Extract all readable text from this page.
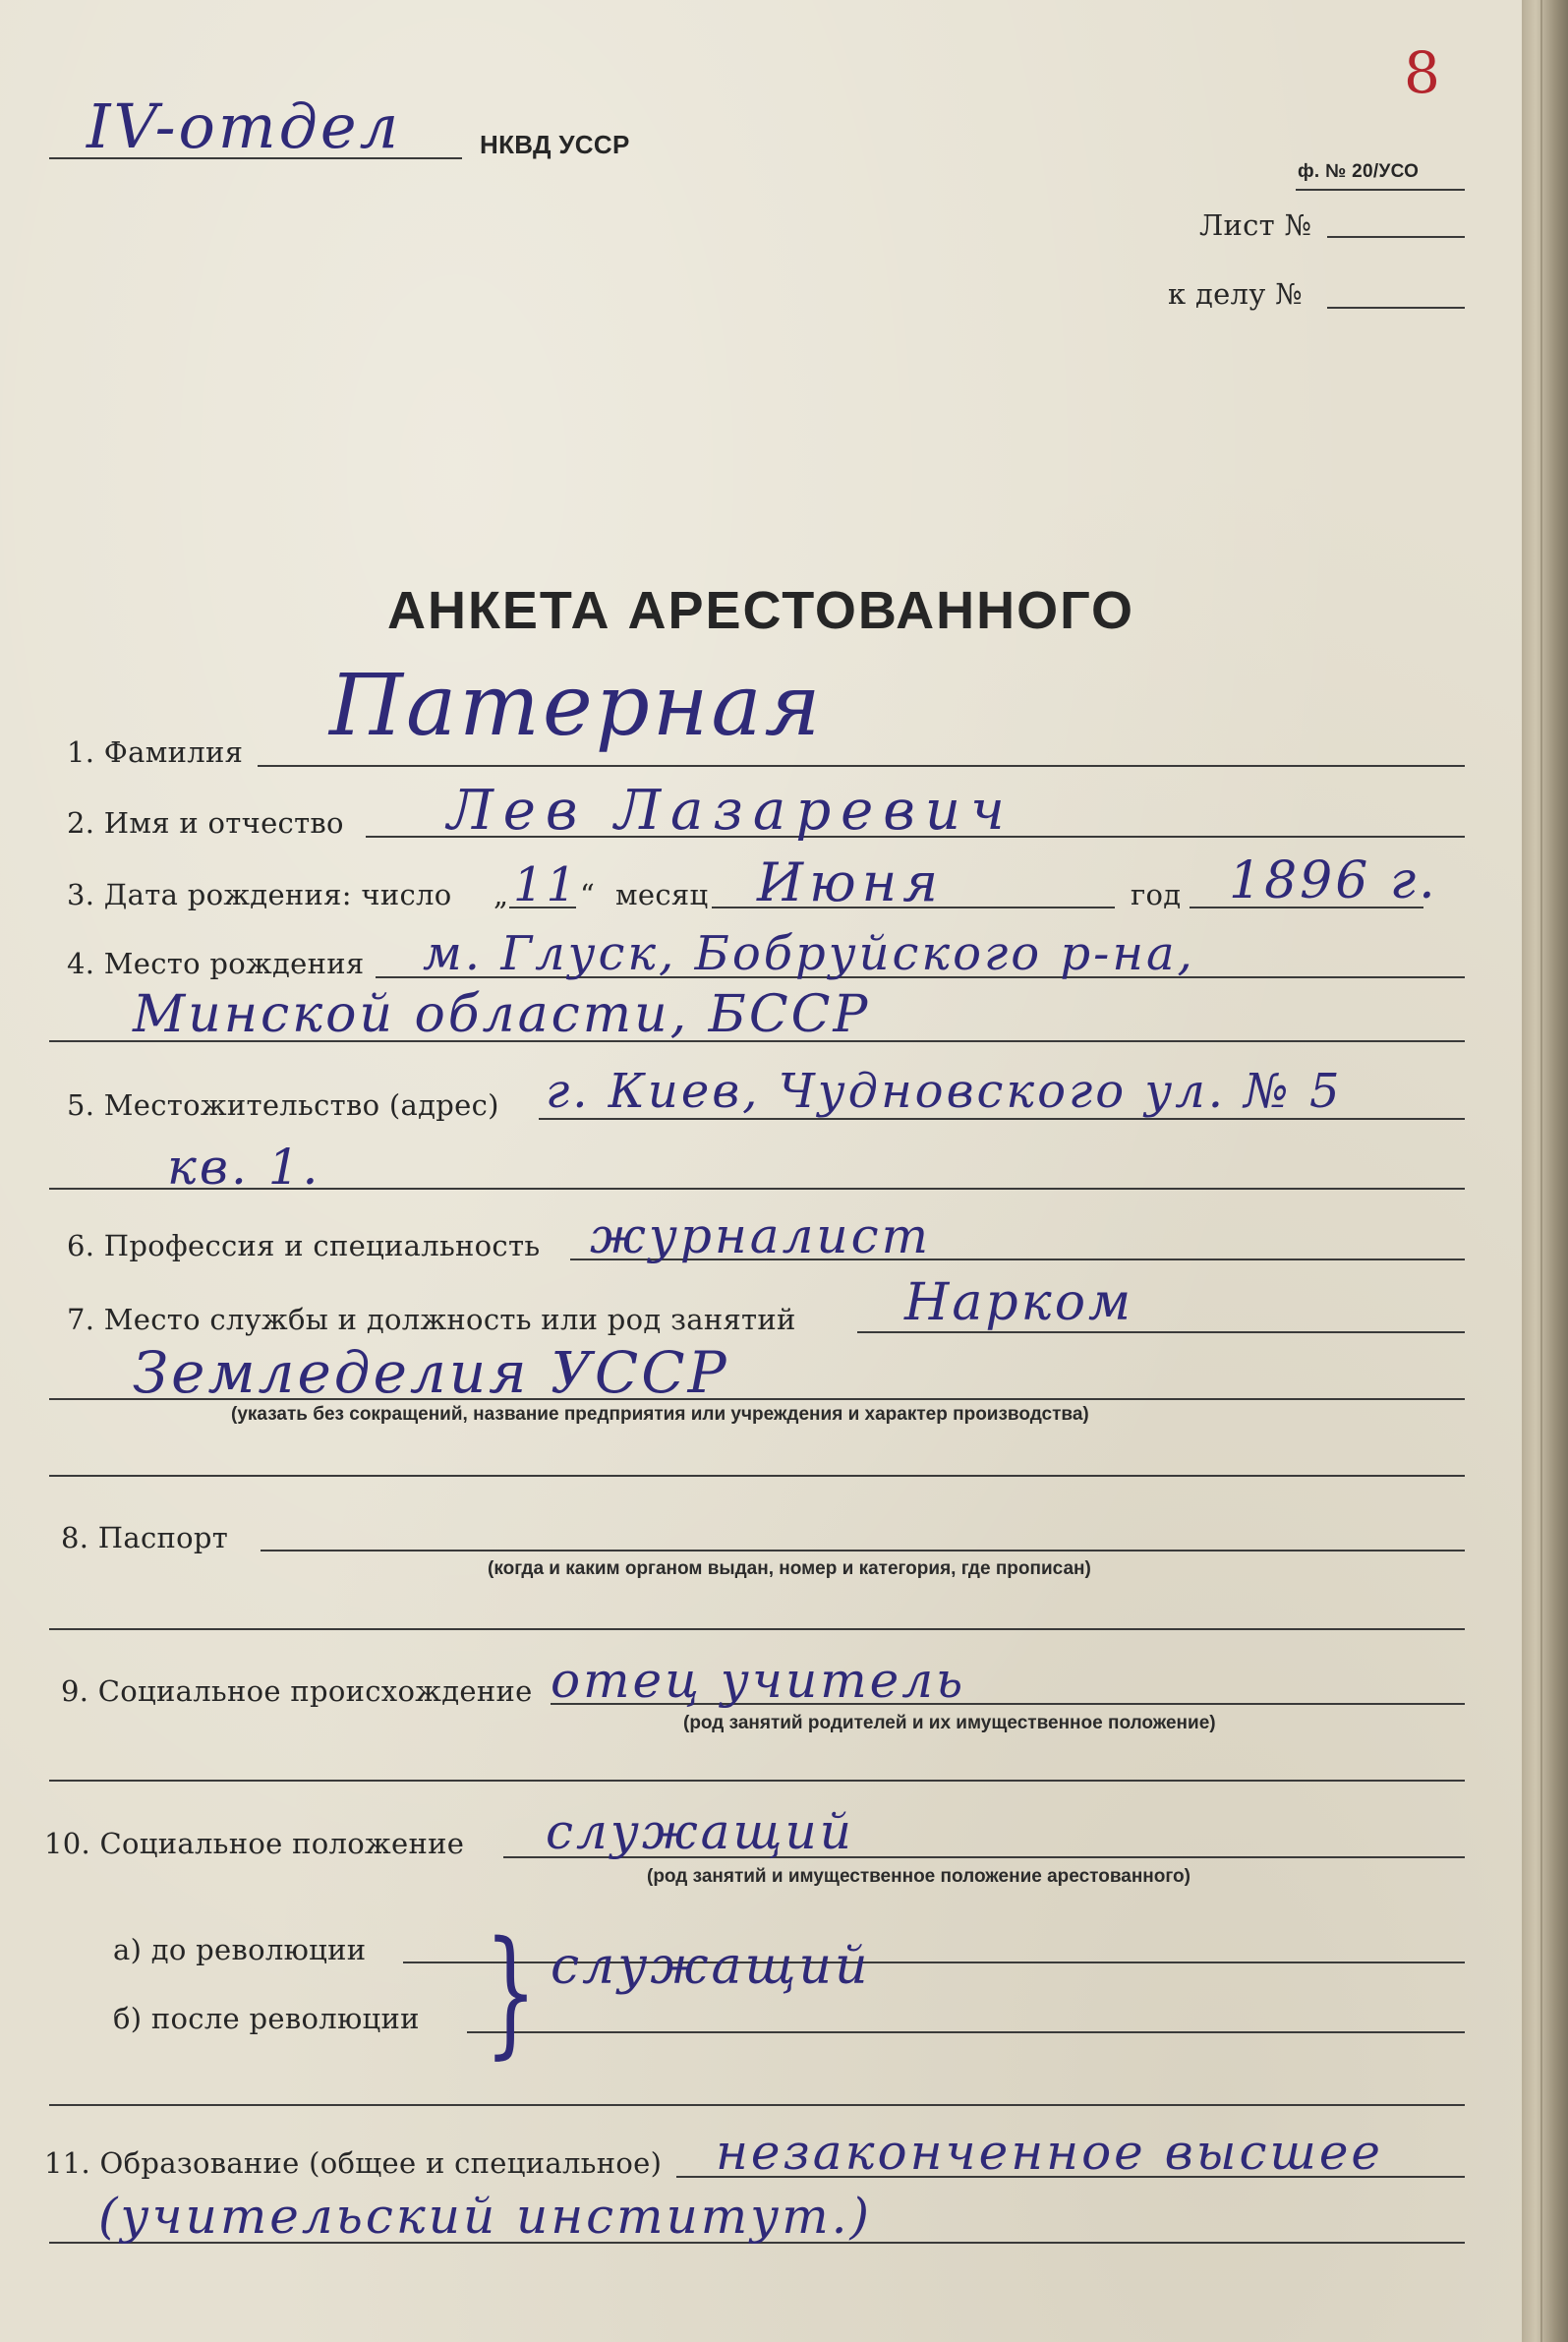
IV-отдел	НКВД УССР
8
ф. № 20/УСО
Лист №
к делу №
АНКЕТА АРЕСТОВАННОГО
1. Фамилия Патерная
2. Имя и отчество Лев Лазаревич
3. Дата рождения: число „ 11 “ месяц Июня	год 1896 г.
4. Место рождения м. Глуск, Бобруйского р-на,
Минской области, БССР
5. Местожительство (адрес) г. Киев, Чудновского ул. № 5
кв. 1.
6. Профессия и специальность журналист
7. Место службы и должность или род занятий Нарком
Земледелия УССР
(указать без сокращений, название предприятия или учреждения и характер производства)
8. Паспорт
(когда и каким органом выдан, номер и категория, где прописан)
9. Социальное происхождение отец учитель
(род занятий родителей и их имущественное положение)
10. Социальное положение служащий
(род занятий и имущественное положение арестованного)
а) до революции
б) после революции } служащий
11. Образование (общее и специальное) незаконченное высшее
(учительский институт.)
